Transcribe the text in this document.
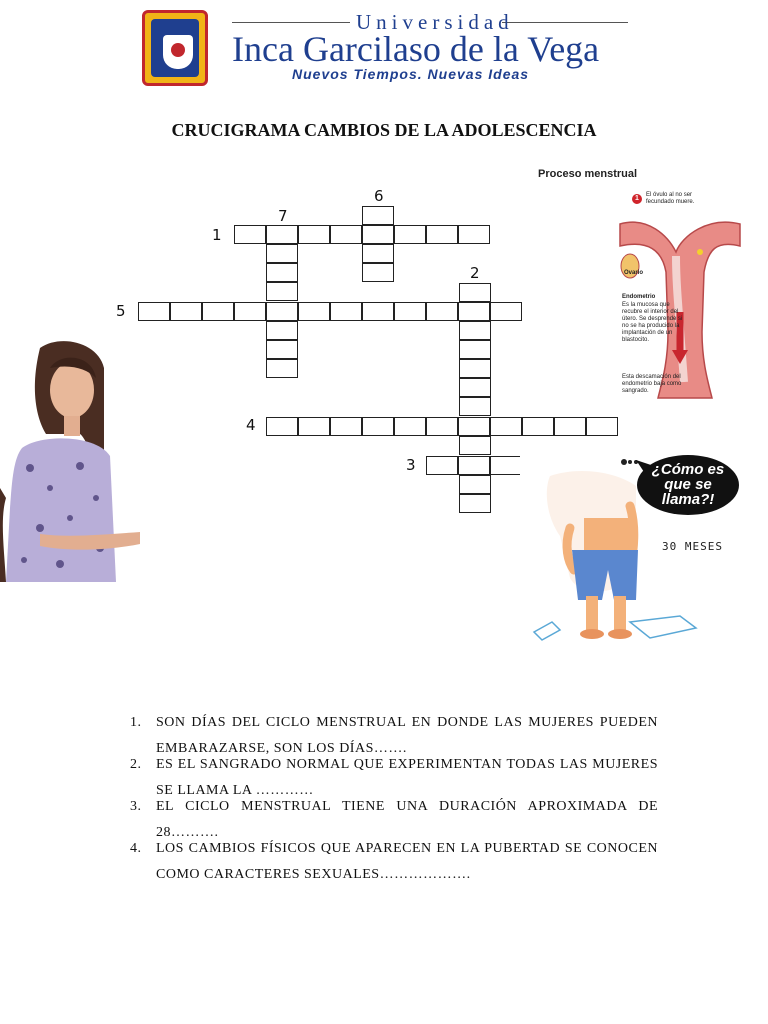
Universidad
Inca Garcilaso de la Vega
Nuevos Tiempos. Nuevas Ideas
CRUCIGRAMA CAMBIOS DE LA ADOLESCENCIA
1
2
3
4
5
6
7
Proceso menstrual
1	El óvulo al no ser fecundado muere.
Ovario
Endometrio
Es la mucosa que recubre el interior del útero. Se desprende si no se ha producido la implantación de un blastocito.
Esta descamación del endometrio baja como sangrado.
¿Cómo es que se llama?!
30 MESES
1. SON DÍAS DEL CICLO MENSTRUAL EN DONDE LAS MUJERES PUEDEN EMBARAZARSE, SON LOS DÍAS…….
2. ES EL SANGRADO NORMAL QUE EXPERIMENTAN TODAS LAS MUJERES SE LLAMA LA …………
3. EL CICLO MENSTRUAL TIENE UNA DURACIÓN APROXIMADA DE 28……….
4. LOS CAMBIOS FÍSICOS QUE APARECEN EN LA PUBERTAD SE CONOCEN COMO CARACTERES SEXUALES……………….
